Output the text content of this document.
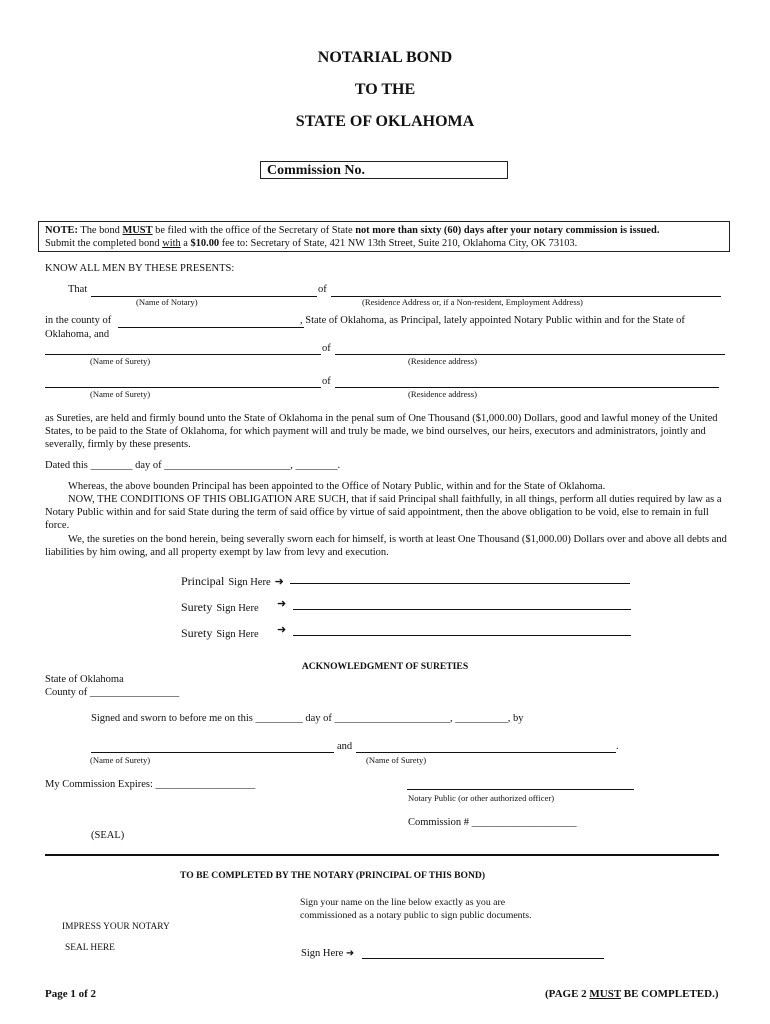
NOTARIAL BOND
TO THE
STATE OF OKLAHOMA
Commission No.
NOTE: The bond MUST be filed with the office of the Secretary of State not more than sixty (60) days after your notary commission is issued.
Submit the completed bond with a $10.00 fee to: Secretary of State, 421 NW 13th Street, Suite 210, Oklahoma City, OK 73103.
KNOW ALL MEN BY THESE PRESENTS:
That	of
(Name of Notary)	(Residence Address or, if a Non-resident, Employment Address)
in the county of	, State of Oklahoma, as Principal, lately appointed Notary Public within and for the State of
Oklahoma, and
of
(Name of Surety)	(Residence address)
of
(Name of Surety)	(Residence address)
as Sureties, are held and firmly bound unto the State of Oklahoma in the penal sum of One Thousand ($1,000.00) Dollars, good and lawful money of the United States, to be paid to the State of Oklahoma, for which payment will and truly be made, we bind ourselves, our heirs, executors and administrators, jointly and severally, firmly by these presents.
Dated this ________ day of ________________________, ________.
Whereas, the above bounden Principal has been appointed to the Office of Notary Public, within and for the State of Oklahoma.
NOW, THE CONDITIONS OF THIS OBLIGATION ARE SUCH, that if said Principal shall faithfully, in all things, perform all duties required by law as a Notary Public within and for said State during the term of said office by virtue of said appointment, then the above obligation to be void, else to remain in full force.
We, the sureties on the bond herein, being severally sworn each for himself, is worth at least One Thousand ($1,000.00) Dollars over and above all debts and liabilities by him owing, and all property exempt by law from levy and execution.
Principal Sign Here ➜
Surety Sign Here ➜
Surety Sign Here ➜
ACKNOWLEDGMENT OF SURETIES
State of Oklahoma
County of _________________
Signed and sworn to before me on this _________ day of ______________________, __________, by
and	.
(Name of Surety)	(Name of Surety)
My Commission Expires: ___________________
Notary Public (or other authorized officer)
Commission # ____________________
(SEAL)
TO BE COMPLETED BY THE NOTARY (PRINCIPAL OF THIS BOND)
Sign your name on the line below exactly as you are
commissioned as a notary public to sign public documents.
IMPRESS YOUR NOTARY
SEAL HERE	Sign Here ➜
Page 1 of 2	(PAGE 2 MUST BE COMPLETED.)
